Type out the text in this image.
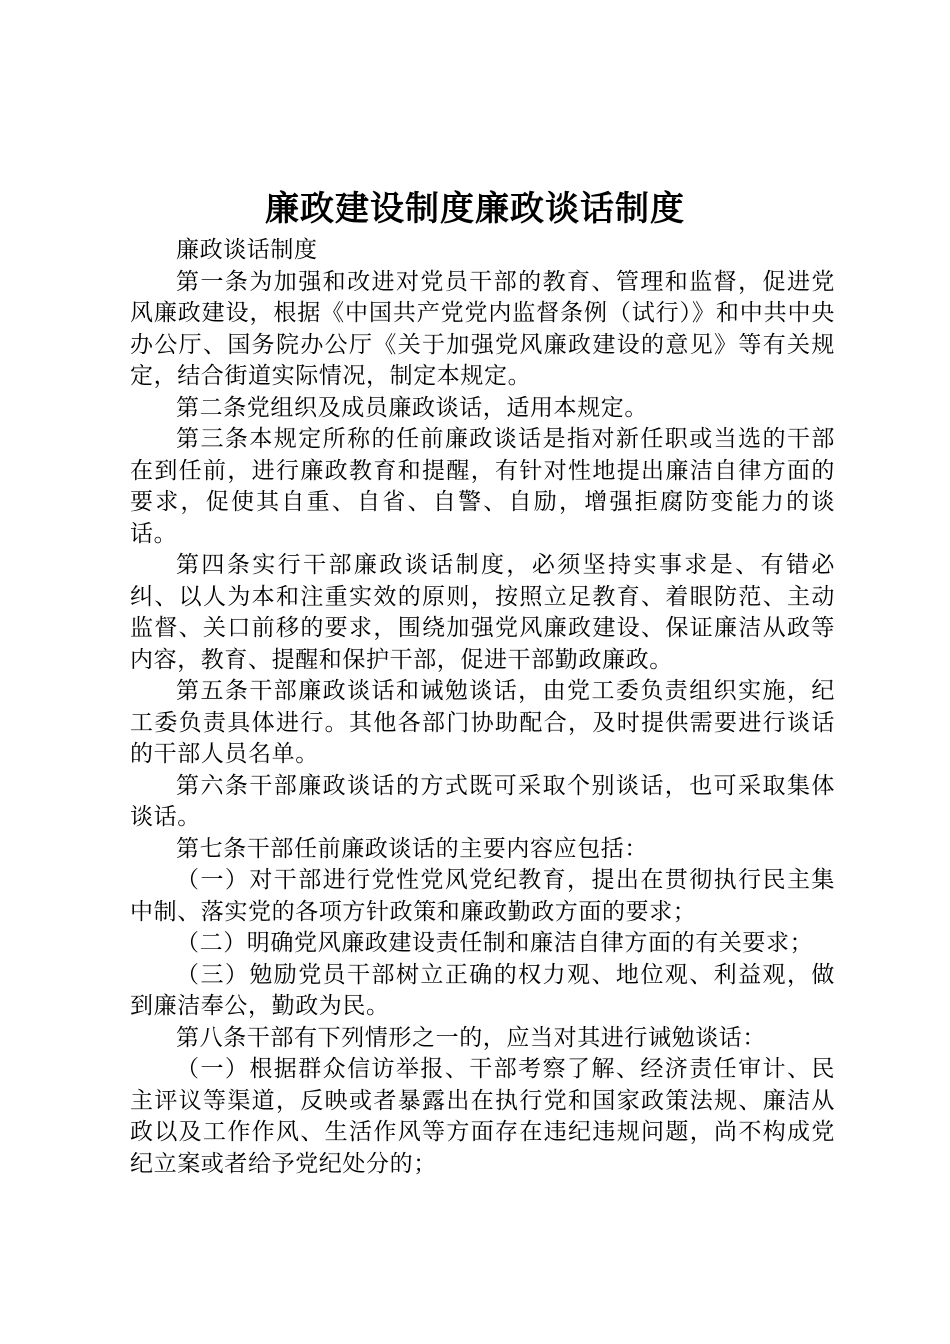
廉政建设制度廉政谈话制度

廉政谈话制度

第一条为加强和改进对党员干部的教育、管理和监督，促进党风廉政建设，根据《中国共产党党内监督条例（试行）》和中共中央办公厅、国务院办公厅《关于加强党风廉政建设的意见》等有关规定，结合街道实际情况，制定本规定。

第二条党组织及成员廉政谈话，适用本规定。

第三条本规定所称的任前廉政谈话是指对新任职或当选的干部在到任前，进行廉政教育和提醒，有针对性地提出廉洁自律方面的要求，促使其自重、自省、自警、自励，增强拒腐防变能力的谈话。

第四条实行干部廉政谈话制度，必须坚持实事求是、有错必纠、以人为本和注重实效的原则，按照立足教育、着眼防范、主动监督、关口前移的要求，围绕加强党风廉政建设、保证廉洁从政等内容，教育、提醒和保护干部，促进干部勤政廉政。

第五条干部廉政谈话和诫勉谈话，由党工委负责组织实施，纪工委负责具体进行。其他各部门协助配合，及时提供需要进行谈话的干部人员名单。

第六条干部廉政谈话的方式既可采取个别谈话，也可采取集体谈话。

第七条干部任前廉政谈话的主要内容应包括：

（一）对干部进行党性党风党纪教育，提出在贯彻执行民主集中制、落实党的各项方针政策和廉政勤政方面的要求；

（二）明确党风廉政建设责任制和廉洁自律方面的有关要求；

（三）勉励党员干部树立正确的权力观、地位观、利益观，做到廉洁奉公，勤政为民。

第八条干部有下列情形之一的，应当对其进行诫勉谈话：

（一）根据群众信访举报、干部考察了解、经济责任审计、民主评议等渠道，反映或者暴露出在执行党和国家政策法规、廉洁从政以及工作作风、生活作风等方面存在违纪违规问题，尚不构成党纪立案或者给予党纪处分的；
